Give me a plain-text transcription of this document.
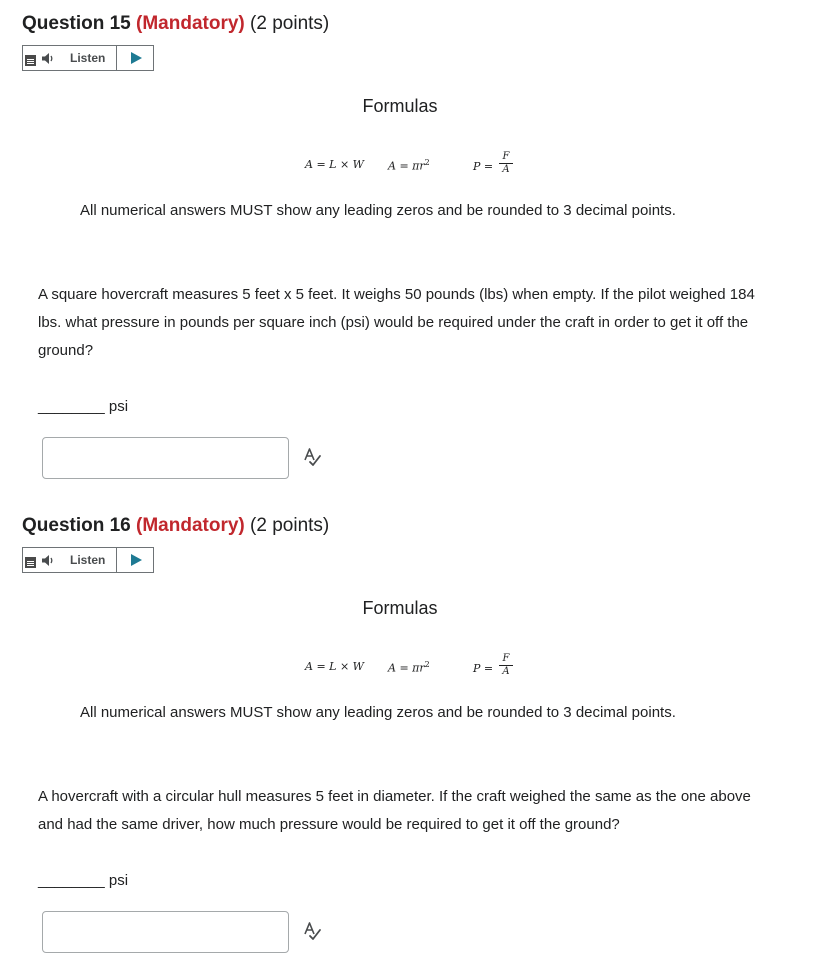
Question 15 (Mandatory) (2 points)
Listen
Formulas
A = L × W $A = \pi r^2$	$P = \frac{F}{A}$
All numerical answers MUST show any leading zeros and be rounded to 3 decimal points.
A square hovercraft measures 5 feet x 5 feet. It weighs 50 pounds (lbs) when empty. If the pilot weighed 184 lbs. what pressure in pounds per square inch (psi) would be required under the craft in order to get it off the ground?
________ psi
Question 16 (Mandatory) (2 points)
Listen
Formulas
A = L × W $A = \pi r^2$	$P = \frac{F}{A}$
All numerical answers MUST show any leading zeros and be rounded to 3 decimal points.
A hovercraft with a circular hull measures 5 feet in diameter. If the craft weighed the same as the one above and had the same driver, how much pressure would be required to get it off the ground?
________ psi
